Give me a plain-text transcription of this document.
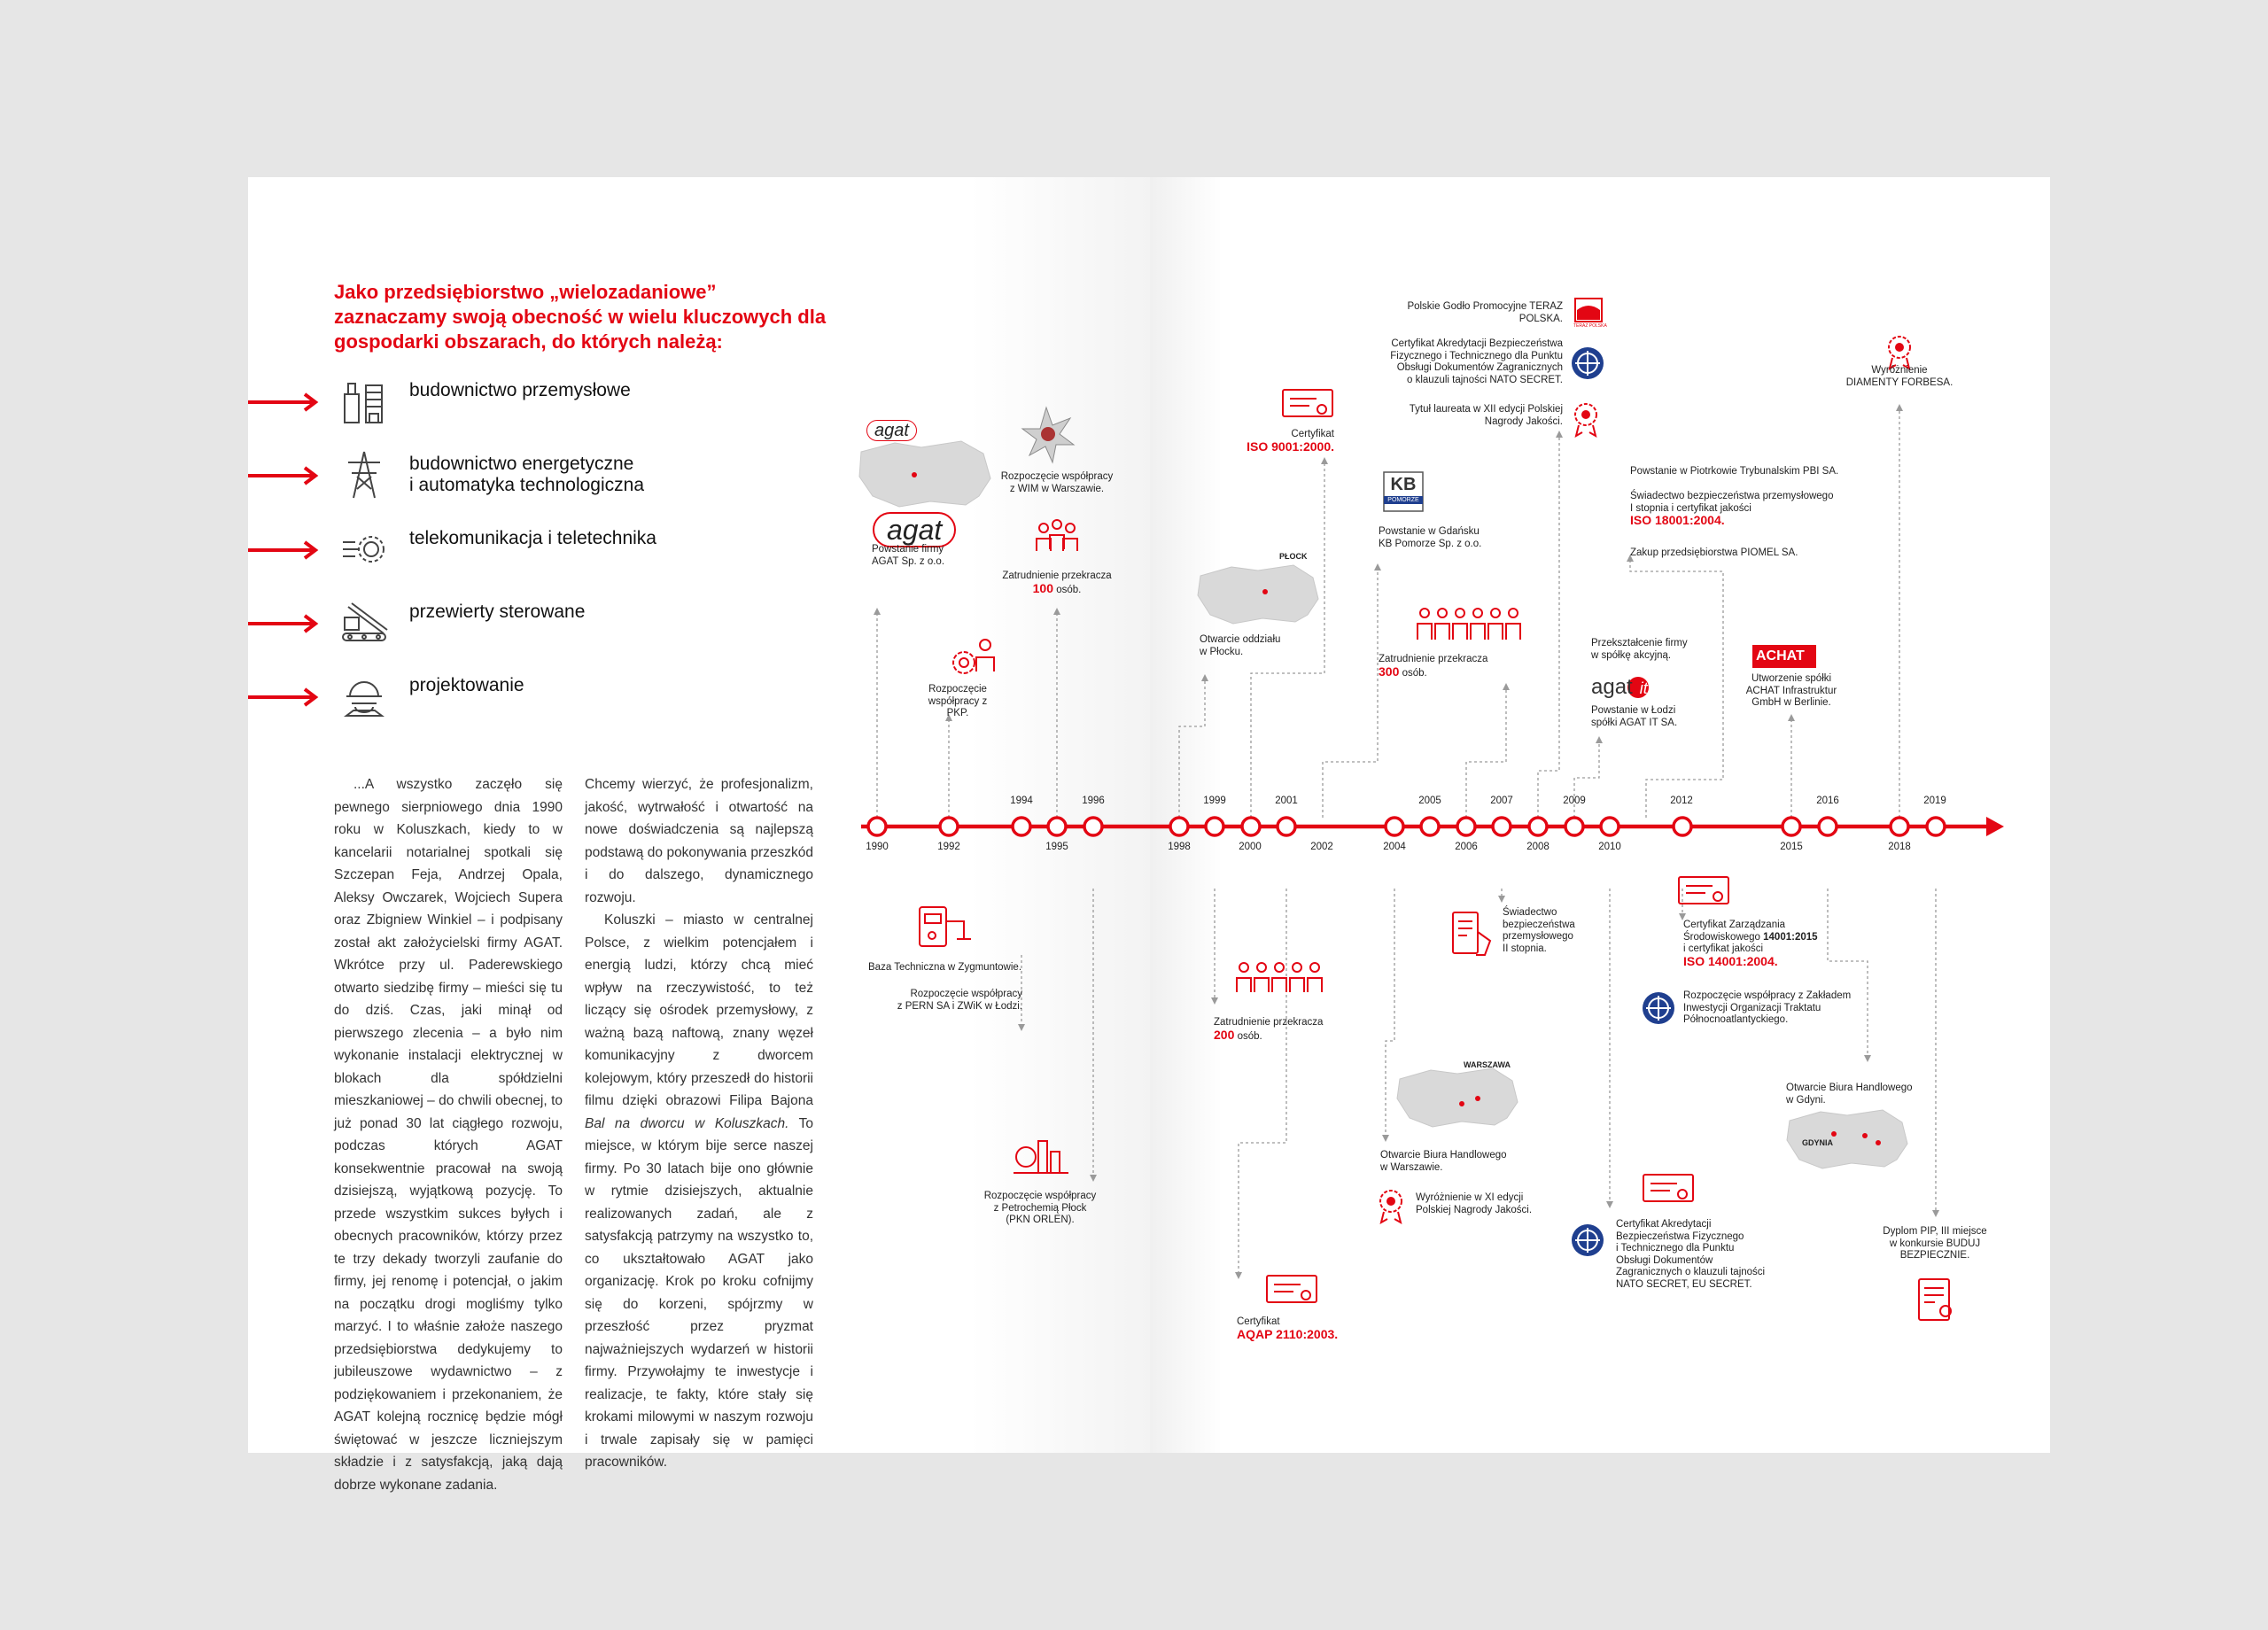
Jako przedsiębiorstwo „wielozadaniowe” zaznaczamy swoją obecność w wielu kluczowych dla gospodarki obszarach, do których należą:
budownictwo przemysłowe
budownictwo energetyczne
i automatyka technologiczna
telekomunikacja i teletechnika
przewierty sterowane
projektowanie

...A wszystko zaczęło się pewnego sierpniowego dnia 1990 roku w Koluszkach, kiedy to w kancelarii notarialnej spotkali się Szczepan Feja, Andrzej Opala, Aleksy Owczarek, Wojciech Supera oraz Zbigniew Winkiel – i podpisany został akt założycielski firmy AGAT. Wkrótce przy ul. Paderewskiego otwarto siedzibę firmy – mieści się tu do dziś. Czas, jaki minął od pierwszego zlecenia – a było nim wykonanie instalacji elektrycznej w blokach dla spółdzielni mieszkaniowej – do chwili obecnej, to już ponad 30 lat ciągłego rozwoju, podczas których AGAT konsekwentnie pracował na swoją dzisiejszą, wyjątkową pozycję. To przede wszystkim sukces byłych i obecnych pracowników, którzy przez te trzy dekady tworzyli zaufanie do firmy, jej renomę i potencjał, o jakim na początku drogi mogliśmy tylko marzyć. I to właśnie założe naszego przedsiębiorstwa dedykujemy to jubileuszowe wydawnictwo – z podziękowaniem i przekonaniem, że AGAT kolejną rocznicę będzie mógł świętować w jeszcze liczniejszym składzie i z satysfakcją, jaką dają dobrze wykonane zadania.

Chcemy wierzyć, że profesjonalizm, jakość, wytrwałość i otwartość na nowe doświadczenia są najlepszą podstawą do pokonywania przeszkód i do dalszego, dynamicznego rozwoju.

Koluszki – miasto w centralnej Polsce, z wielkim potencjałem i energią ludzi, którzy chcą mieć wpływ na rzeczywistość, to też liczący się ośrodek przemysłowy, z ważną bazą naftową, znany węzeł komunikacyjny z dworcem kolejowym, który przeszedł do historii filmu dzięki obrazowi Filipa Bajona Bal na dworcu w Koluszkach. To miejsce, w którym bije serce naszej firmy. Po 30 latach bije ono głównie w rytmie dzisiejszych, aktualnie realizowanych zadań, ale z satysfakcją patrzymy na wszystko to, co ukształtowało AGAT jako organizację. Krok po kroku cofnijmy się do korzeni, spójrzmy w przeszłość przez pryzmat najważniejszych wydarzeń w historii firmy. Przywołajmy te inwestycje i realizacje, te fakty, które stały się krokami milowymi w naszym rozwoju i trwale zapisały się w pamięci pracowników.

1990	1992	1995	1998	2000	2002	2004	2006	2008	2010	2015	2018
1994	1996	1999	2001	2005	2007	2009	2012	2016	2019
agat
agat
KB
POMORZE
agat it
ACHAT
TERAZ POLSKA
PŁOCK
WARSZAWA
GDYNIA
Powstanie firmy
AGAT Sp. z o.o.
Rozpoczęcie
współpracy z PKP.
Rozpoczęcie współpracy
z WIM w Warszawie.
Zatrudnienie przekracza
100 osób.
Baza Techniczna w Zygmuntowie.
Rozpoczęcie współpracy
z PERN SA i ZWiK w Łodzi.
Rozpoczęcie współpracy
z Petrochemią Płock
(PKN ORLEN).
Otwarcie oddziału
w Płocku.
Certyfikat
ISO 9001:2000.
Zatrudnienie przekracza
200 osób.
Certyfikat
AQAP 2110:2003.
Powstanie w Gdańsku
KB Pomorze Sp. z o.o.
Zatrudnienie przekracza
300 osób.
Otwarcie Biura Handlowego
w Warszawie.
Wyróżnienie w XI edycji
Polskiej Nagrody Jakości.
Świadectwo
bezpieczeństwa
przemysłowego
II stopnia.
Polskie Godło Promocyjne TERAZ
POLSKA.
Certyfikat Akredytacji Bezpieczeństwa
Fizycznego i Technicznego dla Punktu
Obsługi Dokumentów Zagranicznych
o klauzuli tajności NATO SECRET.
Tytuł laureata w XII edycji Polskiej
Nagrody Jakości.
Przekształcenie firmy
w spółkę akcyjną.
Powstanie w Łodzi
spółki AGAT IT SA.
Certyfikat Akredytacji
Bezpieczeństwa Fizycznego
i Technicznego dla Punktu
Obsługi Dokumentów
Zagranicznych o klauzuli tajności
NATO SECRET, EU SECRET.
Powstanie w Piotrkowie Trybunalskim PBI SA.
Świadectwo bezpieczeństwa przemysłowego
I stopnia i certyfikat jakości
ISO 18001:2004.
Zakup przedsiębiorstwa PIOMEL SA.
Utworzenie spółki
ACHAT Infrastruktur
GmbH w Berlinie.
Certyfikat Zarządzania
Środowiskowego 14001:2015
i certyfikat jakości
ISO 14001:2004.
Rozpoczęcie współpracy z Zakładem
Inwestycji Organizacji Traktatu
Północnoatlantyckiego.
Otwarcie Biura Handlowego
w Gdyni.
Wyróżnienie
DIAMENTY FORBESA.
Dyplom PIP, III miejsce
w konkursie BUDUJ
BEZPIECZNIE.
